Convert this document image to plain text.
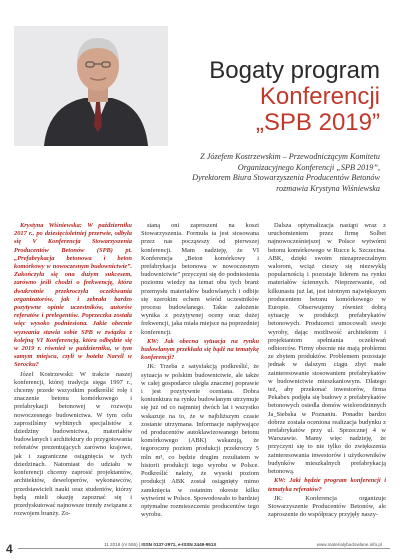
Bogaty program
Konferencji
„SPB 2019”
Z Józefem Kostrzewskim – Przewodniczącym Komitetu
Organizacyjnego Konferencji „SPB 2019”,
Dyrektorem Biura Stowarzyszenia Producentów Betonów
rozmawia Krystyna Wiśniewska

Krystyna Wiśniewska: W październiku 2017 r., po dziesięcioletniej przerwie, odbyła się V Konferencja Stowarzyszenia Producentów Betonów (SPB) pt. „Prefabrykacja betonowa i beton komórkowy w nowoczesnym budownictwie”. Zakończyła się ona dużym sukcesem, zarówno jeśli chodzi o frekwencję, która dwukrotnie przekroczyła oczekiwania organizatorów, jak i zebrała bardzo pozytywne opinie uczestników, autorów referatów i prelegentów. Poprzeczka została więc wysoko podniesiona. Jakie obecnie wyzwania stawia sobie SPB w związku z kolejną VI Konferencją, która odbędzie się w 2019 r. również w październiku, w tym samym miejscu, czyli w hotelu Narvil w Serocku?

Józef Kostrzewski: W trakcie naszej konferencji, której tradycja sięga 1997 r., chcemy przede wszystkim podkreślić rolę i znaczenie betonu komórkowego i prefabrykacji betonowej w rozwoju nowoczesnego budownictwa. W tym celu zaprosiliśmy wybitnych specjalistów z dziedziny budownictwa, materiałów budowlanych i architektury do przygotowania referatów prezentujących zarówno krajowe, jak i zagraniczne osiągnięcia w tych dziedzinach. Natomiast do udziału w konferencji chcemy zaprosić projektantów, architektów, deweloperów, wykonawców, przedstawicieli nauki oraz studentów, którzy będą mieli okazję zapoznać się i przedyskutować najnowsze trendy związane z rozwojem branży. Zo-

staną oni zaproszeni na koszt Stowarzyszenia. Formuła ta jest stosowana przez nas począwszy od pierwszej konferencji. Mam nadzieję, że VI Konferencja „Beton komórkowy i prefabrykacja betonowa w nowoczesnym budownictwie” przyczyni się do podniesienia poziomu wiedzy na temat obu tych branż przemysłu materiałów budowlanych i odbije się szerokim echem wśród uczestników procesu budowlanego. Takie założenie wynika z pozytywnej oceny oraz dużej frekwencji, jaka miała miejsce na poprzedniej konferencji.

KW: Jak obecna sytuacja na rynku budowlanym przekłada się bądź na tematykę konferencji?

JK: Trzeba z satysfakcją podkreślić, że sytuacja w polskim budownictwie, ale także w całej gospodarce uległa znacznej poprawie i jest pozytywnie oceniana. Dobra koniunktura na rynku budowlanym utrzymuje się już od co najmniej dwóch lat i wszystko wskazuje na to, że w najbliższym czasie zostanie utrzymana. Informacje napływające od producentów autoklawizowanego betonu komórkowego (ABK) wskazują, że tegoroczny poziom produkcji przekroczy 5 mln m³, co będzie drugim rezultatem w historii produkcji tego wyrobu w Polsce. Podkreślić należy, że wysoki poziom produkcji ABK został osiągnięty mimo zamknięcia w ostatnim okresie kilku wytwórni w Polsce. Spowodowało to bardziej optymalne rozmieszczenie producentów tego wyrobu.

Dalsza optymalizacja nastąpi wraz z uruchomieniem przez firmę Solbet najnowocześniejszej w Polsce wytwórni betonu komórkowego w Rucce k. Szczecina. ABK, dzięki swoim niezaprzeczalnym walorom, wciąż cieszy się niezwykłą popularnością i pozostaje liderem na rynku materiałów ściennych. Nieprzerwanie, od kilkunastu już lat, jest istotnym największym producentem betonu komórkowego w Europie. Obserwujemy również dobrą sytuację w produkcji prefabrykatów betonowych. Producenci umocowali swoje wyroby, dając możliwość architektom i projektantom spełniania oczekiwań odbiorców. Firmy obecnie nie mają problemu ze zbytem produktów. Problemem pozostaje jednak w dalszym ciągu zbyt małe zainteresowanie stosowaniem prefabrykatów w budownictwie mieszkaniowym. Dlatego też, aby przekonać inwestorów, firma Pekabex podjęła się budowy z prefabrykatów betonowych osiedla domów wielorodzinnych Ja_Siebska w Poznaniu. Ponadto bardzo dobrze została oceniona realizacja budynku z prefabrykatów przy ul. Sprzecznej 4 w Warszawie. Mamy więc nadzieję, że przyczyni się to nie tylko do zwiększenia zainteresowania inwestorów i użytkowników budynków mieszkalnych prefabrykacją betonową.

KW: Jaki będzie program konferencji i tematyka referatów?

JK: Konferencja organizuje Stowarzyszenie Producentów Betonów, ale zaproszenie do współpracy przyjęły naszy-

4	11 2018 (nr 555) | ISSN 0137-2971, e-ISSN 2449-951X	www.materialybudowlane.info.pl
